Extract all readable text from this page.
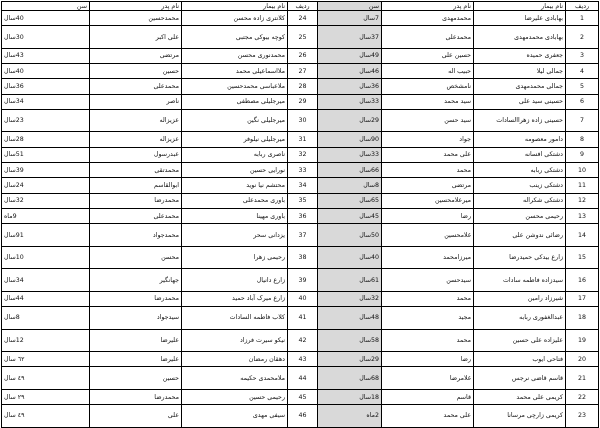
ردیف	نام بیمار	نام پدر	سن	ردیف	نام بیمار	نام پدر	سن
1	بهابادی علیرضا	محمدمهدی	7سال	24	کلانتری زاده محسن	محمدحسین	40سال
2	بهابادی محمدمهدی	محمدعلی	37سال	25	کوچه بیوکی مجتبی	علی اکبر	30سال
3	جعفری حمیده	حسین علی	49سال	26	محمدنوری محسن	مرتضی	43سال
4	جمالی لیلا	حبیب اله	46سال	27	ملااسماعیلی محمد	حسین	40سال
5	جمالی محمدمهدی	نامشخص	36سال	28	ملاعباسی محمدحسین	محمدعلی	36سال
6	حسینی سید علی	سید محمد	33سال	29	میرجلیلی مصطفی	ناصر	34سال
7	حسینی زاده زهراالسادات	سید حسن	29سال	30	میرجلیلی نگین	عزیزاله	23سال
8	دامور معصومه	جواد	90سال	31	میرجلیلی نیلوفر	عزیزاله	28سال
9	دشتکی افسانه	علی محمد	33سال	32	ناصری ربابه	عبدرسول	51سال
10	دشتکی ربابه	محمد	66سال	33	نورایی حسین	محمدتقی	39سال
11	دشتکی زینب	مرتضی	8سال	34	محتشم نیا نوید	ابوالقاسم	24سال
12	دشتکی شکراله	میرعلامحسین	65سال	35	باوری محمدعلی	محمدرضا	32سال
13	رحیمی محسن	رضا	45سال	36	باوری مهینا	محمدعلی	9ماه
14	رضائی ندوشن علی	غلامحسین	50سال	37	یزدانی سحر	محمدجواد	91سال
15	زارع بیدکی حمیدرضا	میرزامحمد	40سال	38	رحیمی زهرا	محسن	10سال
16	سیدزاده فاطمه سادات	سیدحسن	61سال	39	زارع دانیال	جهانگیر	34سال
17	شیرزاد رامین	محمد	32سال	40	زارع میرک آباد حمید	محمدرضا	44سال
18	عبدالغفوری ربابه	مجید	48سال	41	کلاب فاطمه السادات	سیدجواد	8سال
19	علیزاده علی حسین	محمد	58سال	42	نیکو سیرت فرزاد	علیرضا	12سال
20	فتاحی ایوب	رضا	29سال	43	دهقان رمضان	علیرضا	٦٢ سال
21	قاسم قاضی نرجس	غلامرضا	68سال	44	ملامحمدی حکیمه	حسین	٤٩ سال
22	کریمی علی محمد	قاسم	18سال	45	رحیمی حسین	محمدرضا	٢٩ سال
23	کریمی زارچی مرسانا	علی محمد	2ماه	46	سیفی مهدی	علی	٤٩ سال
